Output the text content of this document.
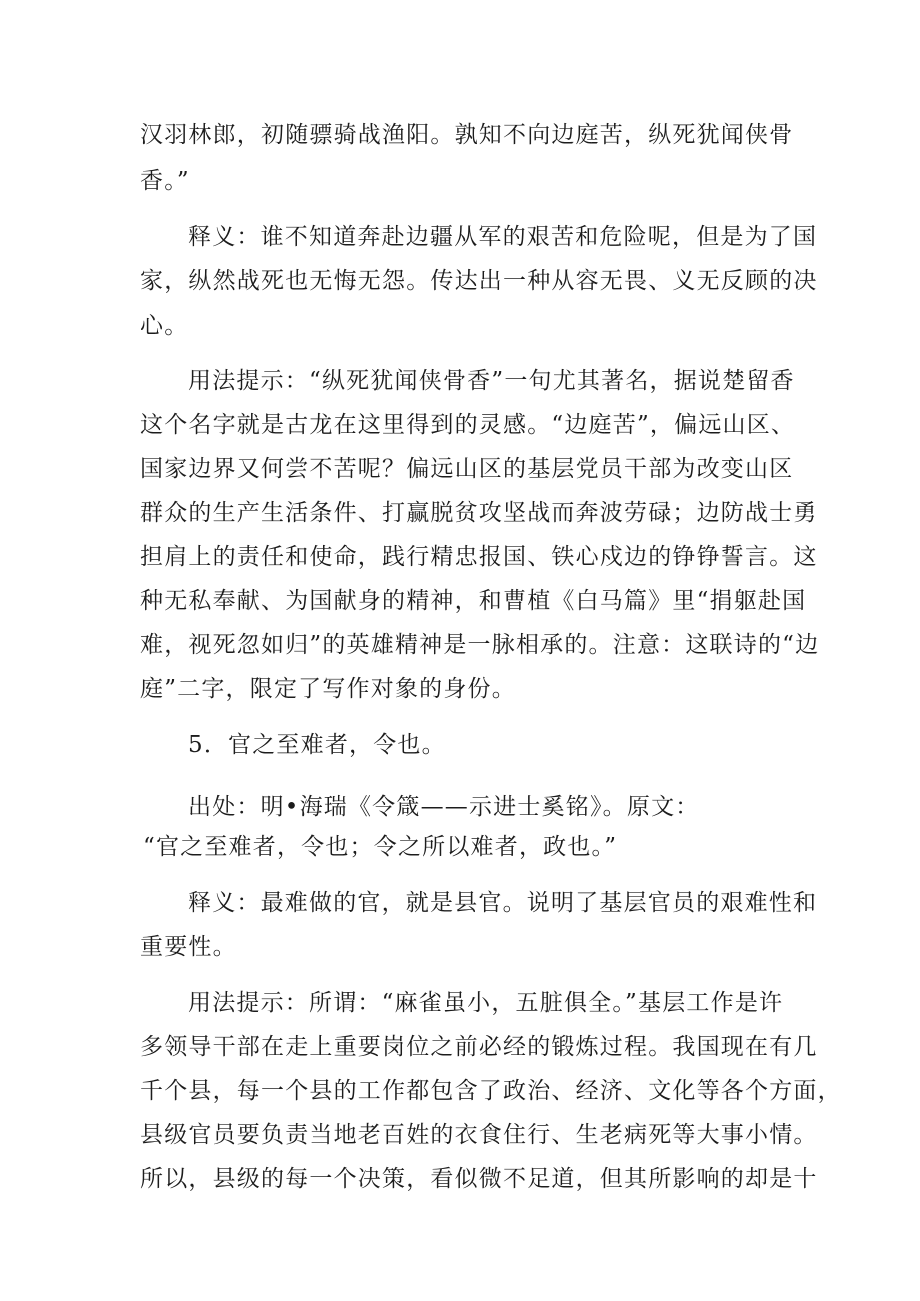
汉羽林郎，初随骠骑战渔阳。孰知不向边庭苦，纵死犹闻侠骨
香。”
释义：谁不知道奔赴边疆从军的艰苦和危险呢，但是为了国
家，纵然战死也无悔无怨。传达出一种从容无畏、义无反顾的决
心。
用法提示：“纵死犹闻侠骨香”一句尤其著名，据说楚留香
这个名字就是古龙在这里得到的灵感。“边庭苦”，偏远山区、
国家边界又何尝不苦呢？偏远山区的基层党员干部为改变山区
群众的生产生活条件、打赢脱贫攻坚战而奔波劳碌；边防战士勇
担肩上的责任和使命，践行精忠报国、铁心戍边的铮铮誓言。这
种无私奉献、为国献身的精神，和曹植《白马篇》里“捐躯赴国
难，视死忽如归”的英雄精神是一脉相承的。注意：这联诗的“边
庭”二字，限定了写作对象的身份。
5．官之至难者，令也。
出处：明•海瑞《令箴——示进士奚铭》。原文：
“官之至难者，令也；令之所以难者，政也。”
释义：最难做的官，就是县官。说明了基层官员的艰难性和
重要性。
用法提示：所谓：“麻雀虽小，五脏俱全。”基层工作是许
多领导干部在走上重要岗位之前必经的锻炼过程。我国现在有几
千个县，每一个县的工作都包含了政治、经济、文化等各个方面，
县级官员要负责当地老百姓的衣食住行、生老病死等大事小情。
所以，县级的每一个决策，看似微不足道，但其所影响的却是十
